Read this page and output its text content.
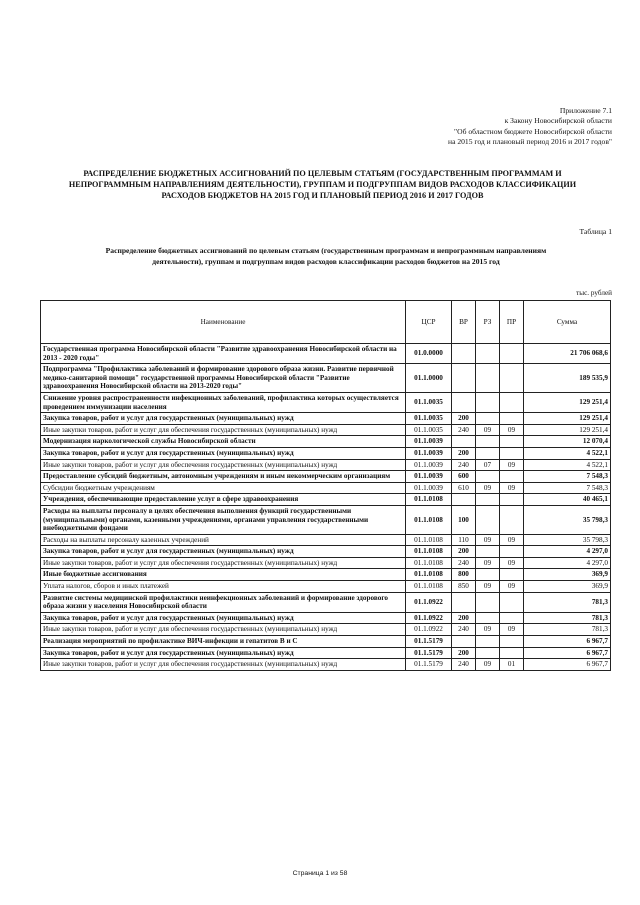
Приложение 7.1
к Закону Новосибирской области
"Об областном бюджете Новосибирской области
на 2015 год и плановый период 2016 и 2017 годов"
РАСПРЕДЕЛЕНИЕ БЮДЖЕТНЫХ АССИГНОВАНИЙ ПО ЦЕЛЕВЫМ СТАТЬЯМ (ГОСУДАРСТВЕННЫМ ПРОГРАММАМ И
НЕПРОГРАММНЫМ НАПРАВЛЕНИЯМ ДЕЯТЕЛЬНОСТИ), ГРУППАМ И ПОДГРУППАМ ВИДОВ РАСХОДОВ КЛАССИФИКАЦИИ
РАСХОДОВ БЮДЖЕТОВ НА 2015 ГОД И ПЛАНОВЫЙ ПЕРИОД 2016 И 2017 ГОДОВ
Таблица 1
Распределение бюджетных ассигнований по целевым статьям (государственным программам и непрограммным направлениям
деятельности), группам и подгруппам видов расходов классификации расходов бюджетов на 2015 год
тыс. рублей
Наименование	ЦСР	ВР	РЗ	ПР	Сумма
Государственная программа Новосибирской области "Развитие здравоохранения Новосибирской области на 2013 - 2020 годы"	01.0.0000				21 706 068,6
Подпрограмма "Профилактика заболеваний и формирование здорового образа жизни. Развитие первичной медико-санитарной помощи" государственной программы Новосибирской области "Развитие здравоохранения Новосибирской области на 2013-2020 годы"	01.1.0000				189 535,9
Снижение уровня распространенности инфекционных заболеваний, профилактика которых осуществляется проведением иммунизации населения	01.1.0035				129 251,4
Закупка товаров, работ и услуг для государственных (муниципальных) нужд	01.1.0035	200			129 251,4
Иные закупки товаров, работ и услуг для обеспечения государственных (муниципальных) нужд	01.1.0035	240	09	09	129 251,4
Модернизация наркологической службы Новосибирской области	01.1.0039				12 070,4
Закупка товаров, работ и услуг для государственных (муниципальных) нужд	01.1.0039	200			4 522,1
Иные закупки товаров, работ и услуг для обеспечения государственных (муниципальных) нужд	01.1.0039	240	07	09	4 522,1
Предоставление субсидий бюджетным, автономным учреждениям и иным некоммерческим организациям	01.1.0039	600			7 548,3
Субсидии бюджетным учреждениям	01.1.0039	610	09	09	7 548,3
Учреждения, обеспечивающие предоставление услуг в сфере здравоохранения	01.1.0108				40 465,1
Расходы на выплаты персоналу в целях обеспечения выполнения функций государственными (муниципальными) органами, казенными учреждениями, органами управления государственными внебюджетными фондами	01.1.0108	100			35 798,3
Расходы на выплаты персоналу казенных учреждений	01.1.0108	110	09	09	35 798,3
Закупка товаров, работ и услуг для государственных (муниципальных) нужд	01.1.0108	200			4 297,0
Иные закупки товаров, работ и услуг для обеспечения государственных (муниципальных) нужд	01.1.0108	240	09	09	4 297,0
Иные бюджетные ассигнования	01.1.0108	800			369,9
Уплата налогов, сборов и иных платежей	01.1.0108	850	09	09	369,9
Развитие системы медицинской профилактики неинфекционных заболеваний и формирование здорового образа жизни у населения Новосибирской области	01.1.0922				781,3
Закупка товаров, работ и услуг для государственных (муниципальных) нужд	01.1.0922	200			781,3
Иные закупки товаров, работ и услуг для обеспечения государственных (муниципальных) нужд	01.1.0922	240	09	09	781,3
Реализация мероприятий по профилактике ВИЧ-инфекции и гепатитов В и С	01.1.5179				6 967,7
Закупка товаров, работ и услуг для государственных (муниципальных) нужд	01.1.5179	200			6 967,7
Иные закупки товаров, работ и услуг для обеспечения государственных (муниципальных) нужд	01.1.5179	240	09	01	6 967,7
Страница 1 из 58
